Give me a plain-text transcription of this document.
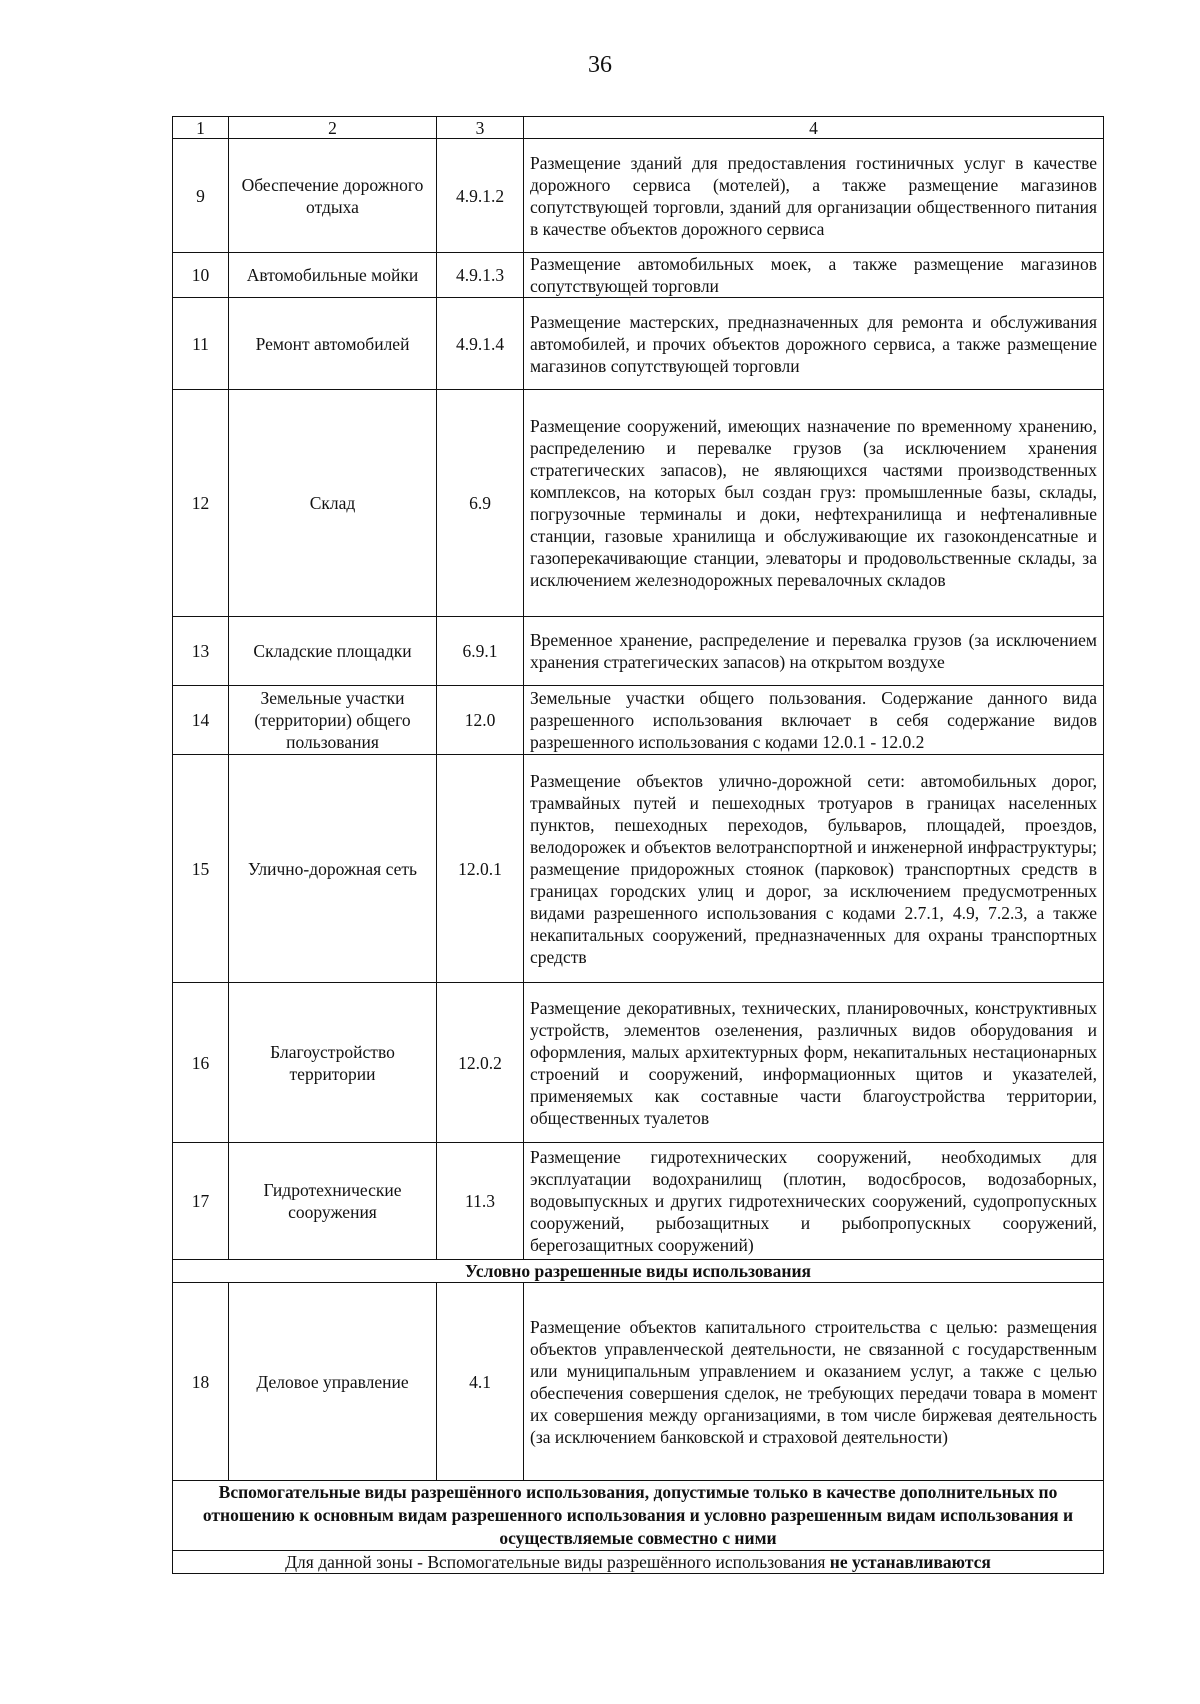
36
1	2	3	4
9	Обеспечение дорожного отдыха	4.9.1.2	Размещение зданий для предоставления гостиничных услуг в качестве дорожного сервиса (мотелей), а также размещение магазинов сопутствующей торговли, зданий для организации общественного питания в качестве объектов дорожного сервиса
10	Автомобильные мойки	4.9.1.3	Размещение автомобильных моек, а также размещение магазинов сопутствующей торговли
11	Ремонт автомобилей	4.9.1.4	Размещение мастерских, предназначенных для ремонта и обслуживания автомобилей, и прочих объектов дорожного сервиса, а также размещение магазинов сопутствующей торговли
12	Склад	6.9	Размещение сооружений, имеющих назначение по временному хранению, распределению и перевалке грузов (за исключением хранения стратегических запасов), не являющихся частями производственных комплексов, на которых был создан груз: промышленные базы, склады, погрузочные терминалы и доки, нефтехранилища и нефтеналивные станции, газовые хранилища и обслуживающие их газоконденсатные и газоперекачивающие станции, элеваторы и продовольственные склады, за исключением железнодорожных перевалочных складов
13	Складские площадки	6.9.1	Временное хранение, распределение и перевалка грузов (за исключением хранения стратегических запасов) на открытом воздухе
14	Земельные участки (территории) общего пользования	12.0	Земельные участки общего пользования. Содержание данного вида разрешенного использования включает в себя содержание видов разрешенного использования с кодами 12.0.1 - 12.0.2
15	Улично-дорожная сеть	12.0.1	Размещение объектов улично-дорожной сети: автомобильных дорог, трамвайных путей и пешеходных тротуаров в границах населенных пунктов, пешеходных переходов, бульваров, площадей, проездов, велодорожек и объектов велотранспортной и инженерной инфраструктуры; размещение придорожных стоянок (парковок) транспортных средств в границах городских улиц и дорог, за исключением предусмотренных видами разрешенного использования с кодами 2.7.1, 4.9, 7.2.3, а также некапитальных сооружений, предназначенных для охраны транспортных средств
16	Благоустройство территории	12.0.2	Размещение декоративных, технических, планировочных, конструктивных устройств, элементов озеленения, различных видов оборудования и оформления, малых архитектурных форм, некапитальных нестационарных строений и сооружений, информационных щитов и указателей, применяемых как составные части благоустройства территории, общественных туалетов
17	Гидротехнические сооружения	11.3	Размещение гидротехнических сооружений, необходимых для эксплуатации водохранилищ (плотин, водосбросов, водозаборных, водовыпускных и других гидротехнических сооружений, судопропускных сооружений, рыбозащитных и рыбопропускных сооружений, берегозащитных сооружений)
Условно разрешенные виды использования			
18	Деловое управление	4.1	Размещение объектов капитального строительства с целью: размещения объектов управленческой деятельности, не связанной с государственным или муниципальным управлением и оказанием услуг, а также с целью обеспечения совершения сделок, не требующих передачи товара в момент их совершения между организациями, в том числе биржевая деятельность (за исключением банковской и страховой деятельности)
Вспомогательные виды разрешённого использования, допустимые только в качестве дополнительных по отношению к основным видам разрешенного использования и условно разрешенным видам использования и осуществляемые совместно с ними			
Для данной зоны - Вспомогательные виды разрешённого использования не устанавливаются			
